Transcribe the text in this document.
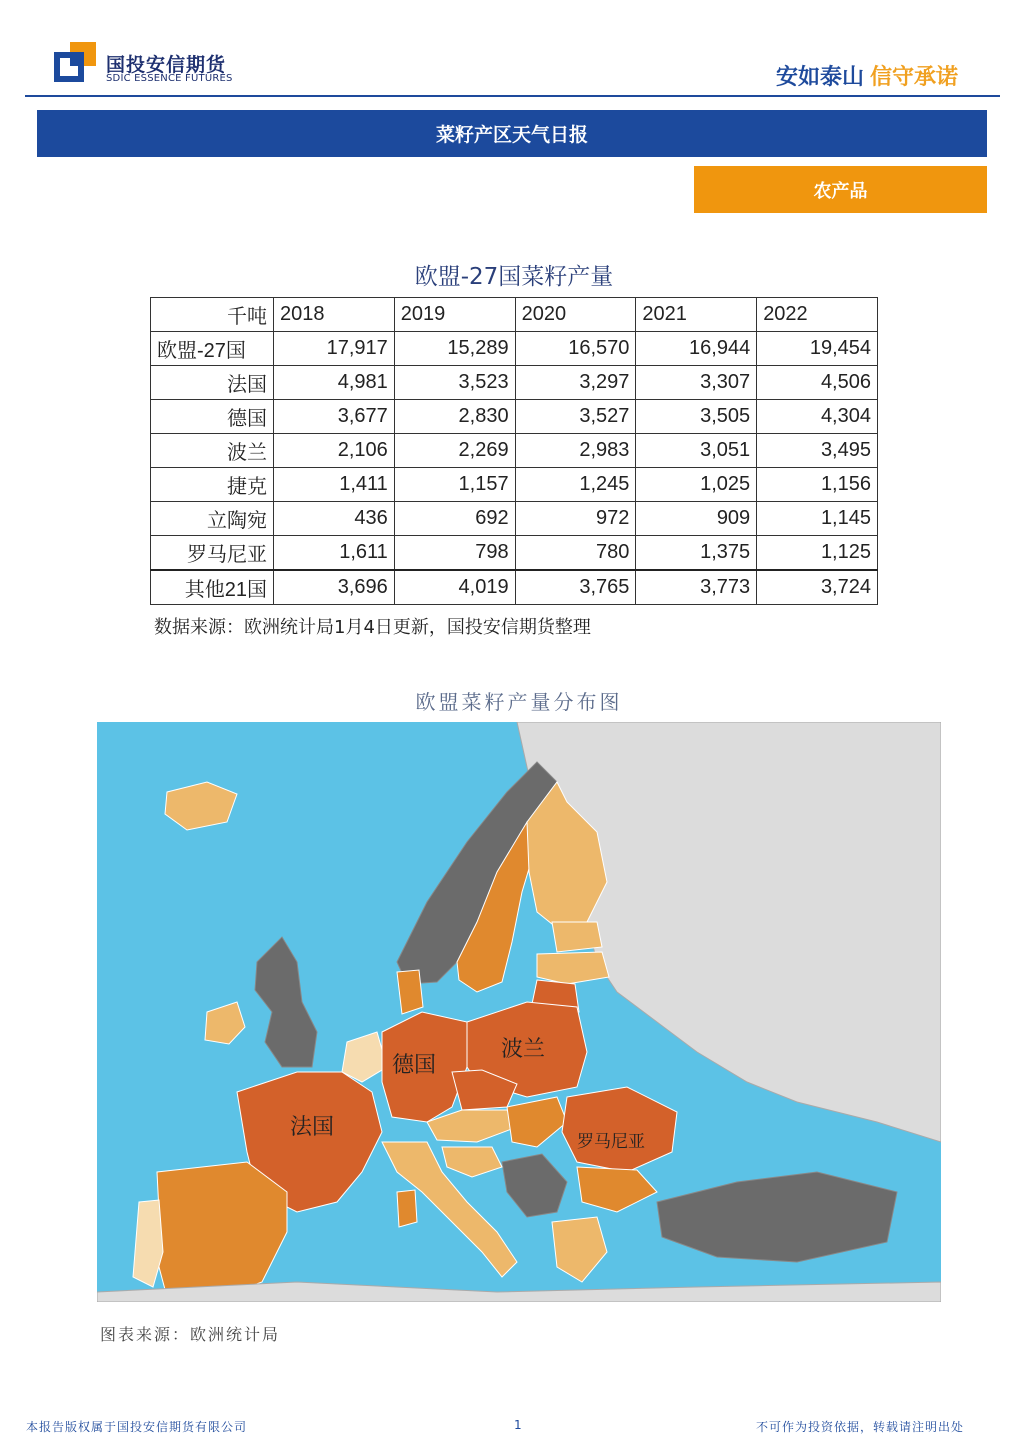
国投安信期货
SDIC ESSENCE FUTURES	安如泰山 信守承诺
菜籽产区天气日报
农产品
欧盟-27国菜籽产量
千吨	2018	2019	2020	2021	2022
欧盟-27国	17,917	15,289	16,570	16,944	19,454
法国	4,981	3,523	3,297	3,307	4,506
德国	3,677	2,830	3,527	3,505	4,304
波兰	2,106	2,269	2,983	3,051	3,495
捷克	1,411	1,157	1,245	1,025	1,156
立陶宛	436	692	972	909	1,145
罗马尼亚	1,611	798	780	1,375	1,125
其他21国	3,696	4,019	3,765	3,773	3,724
数据来源：欧洲统计局1月4日更新，国投安信期货整理
欧盟菜籽产量分布图
法国
德国
波兰
罗马尼亚
图表来源：欧洲统计局
本报告版权属于国投安信期货有限公司	1	不可作为投资依据，转载请注明出处
